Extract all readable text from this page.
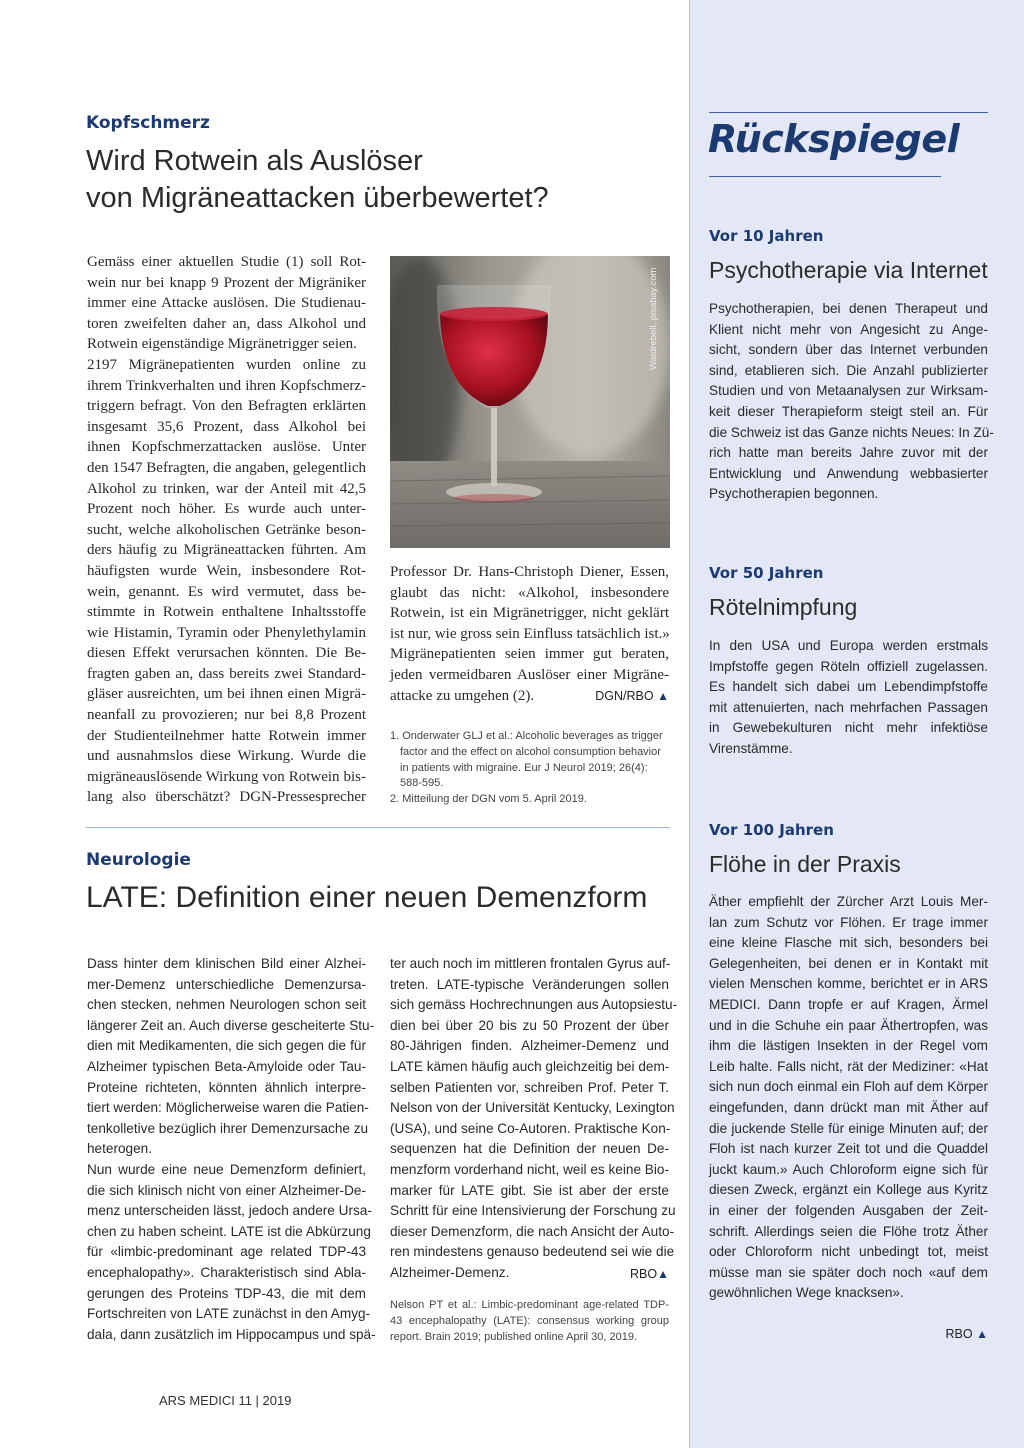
Kopfschmerz
Wird Rotwein als Auslöser
von Migräneattacken überbewertet?
Gemäss einer aktuellen Studie (1) soll Rot-
wein nur bei knapp 9 Prozent der Migräniker
immer eine Attacke auslösen. Die Studienau-
toren zweifelten daher an, dass Alkohol und
Rotwein eigenständige Migränetrigger seien.
2197 Migränepatienten wurden online zu
ihrem Trinkverhalten und ihren Kopfschmerz-
triggern befragt. Von den Befragten erklärten
insgesamt 35,6 Prozent, dass Alkohol bei
ihnen Kopfschmerzattacken auslöse. Unter
den 1547 Befragten, die angaben, gelegentlich
Alkohol zu trinken, war der Anteil mit 42,5
Prozent noch höher. Es wurde auch unter-
sucht, welche alkoholischen Getränke beson-
ders häufig zu Migräneattacken führten. Am
häufigsten wurde Wein, insbesondere Rot-
wein, genannt. Es wird vermutet, dass be-
stimmte in Rotwein enthaltene Inhaltsstoffe
wie Histamin, Tyramin oder Phenylethylamin
diesen Effekt verursachen könnten. Die Be-
fragten gaben an, dass bereits zwei Standard-
gläser ausreichten, um bei ihnen einen Migrä-
neanfall zu provozieren; nur bei 8,8 Prozent
der Studienteilnehmer hatte Rotwein immer
und ausnahmslos diese Wirkung. Wurde die
migräneauslösende Wirkung von Rotwein bis-
lang also überschätzt? DGN-Pressesprecher
Waldrebell, pixabay.com
Professor Dr. Hans-Christoph Diener, Essen,
glaubt das nicht: «Alkohol, insbesondere
Rotwein, ist ein Migränetrigger, nicht geklärt
ist nur, wie gross sein Einfluss tatsächlich ist.»
Migränepatienten seien immer gut beraten,
jeden vermeidbaren Auslöser einer Migräne-
attacke zu umgehen (2).	DGN/RBO ▲
1. Onderwater GLJ et al.: Alcoholic beverages as trigger factor and the effect on alcohol consumption behavior in patients with migraine. Eur J Neurol 2019; 26(4): 588-595.
2. Mitteilung der DGN vom 5. April 2019.
Neurologie
LATE: Definition einer neuen Demenzform
Dass hinter dem klinischen Bild einer Alzhei-
mer-Demenz unterschiedliche Demenzursa-
chen stecken, nehmen Neurologen schon seit
längerer Zeit an. Auch diverse gescheiterte Stu-
dien mit Medikamenten, die sich gegen die für
Alzheimer typischen Beta-Amyloide oder Tau-
Proteine richteten, könnten ähnlich interpre-
tiert werden: Möglicherweise waren die Patien-
tenkolletive bezüglich ihrer Demenzursache zu
heterogen.
Nun wurde eine neue Demenzform definiert,
die sich klinisch nicht von einer Alzheimer-De-
menz unterscheiden lässt, jedoch andere Ursa-
chen zu haben scheint. LATE ist die Abkürzung
für «limbic-predominant age related TDP-43
encephalopathy». Charakteristisch sind Abla-
gerungen des Proteins TDP-43, die mit dem
Fortschreiten von LATE zunächst in den Amyg-
dala, dann zusätzlich im Hippocampus und spä-
ter auch noch im mittleren frontalen Gyrus auf-
treten. LATE-typische Veränderungen sollen
sich gemäss Hochrechnungen aus Autopsiestu-
dien bei über 20 bis zu 50 Prozent der über
80-Jährigen finden. Alzheimer-Demenz und
LATE kämen häufig auch gleichzeitig bei dem-
selben Patienten vor, schreiben Prof. Peter T.
Nelson von der Universität Kentucky, Lexington
(USA), und seine Co-Autoren. Praktische Kon-
sequenzen hat die Definition der neuen De-
menzform vorderhand nicht, weil es keine Bio-
marker für LATE gibt. Sie ist aber der erste
Schritt für eine Intensivierung der Forschung zu
dieser Demenzform, die nach Ansicht der Auto-
ren mindestens genauso bedeutend sei wie die
Alzheimer-Demenz.	RBO▲
Nelson PT et al.: Limbic-predominant age-related TDP-43 encephalopathy (LATE): consensus working group report. Brain 2019; published online April 30, 2019.
Rückspiegel
Vor 10 Jahren
Psychotherapie via Internet
Psychotherapien, bei denen Therapeut und
Klient nicht mehr von Angesicht zu Ange-
sicht, sondern über das Internet verbunden
sind, etablieren sich. Die Anzahl publizierter
Studien und von Metaanalysen zur Wirksam-
keit dieser Therapieform steigt steil an. Für
die Schweiz ist das Ganze nichts Neues: In Zü-
rich hatte man bereits Jahre zuvor mit der
Entwicklung und Anwendung webbasierter
Psychotherapien begonnen.
Vor 50 Jahren
Rötelnimpfung
In den USA und Europa werden erstmals
Impfstoffe gegen Röteln offiziell zugelassen.
Es handelt sich dabei um Lebendimpfstoffe
mit attenuierten, nach mehrfachen Passagen
in Gewebekulturen nicht mehr infektiöse
Virenstämme.
Vor 100 Jahren
Flöhe in der Praxis
Äther empfiehlt der Zürcher Arzt Louis Mer-
lan zum Schutz vor Flöhen. Er trage immer
eine kleine Flasche mit sich, besonders bei
Gelegenheiten, bei denen er in Kontakt mit
vielen Menschen komme, berichtet er in ARS
MEDICI. Dann tropfe er auf Kragen, Ärmel
und in die Schuhe ein paar Äthertropfen, was
ihm die lästigen Insekten in der Regel vom
Leib halte. Falls nicht, rät der Mediziner: «Hat
sich nun doch einmal ein Floh auf dem Körper
eingefunden, dann drückt man mit Äther auf
die juckende Stelle für einige Minuten auf; der
Floh ist nach kurzer Zeit tot und die Quaddel
juckt kaum.» Auch Chloroform eigne sich für
diesen Zweck, ergänzt ein Kollege aus Kyritz
in einer der folgenden Ausgaben der Zeit-
schrift. Allerdings seien die Flöhe trotz Äther
oder Chloroform nicht unbedingt tot, meist
müsse man sie später doch noch «auf dem
gewöhnlichen Wege knacksen».
RBO ▲
ARS MEDICI 11 | 2019
